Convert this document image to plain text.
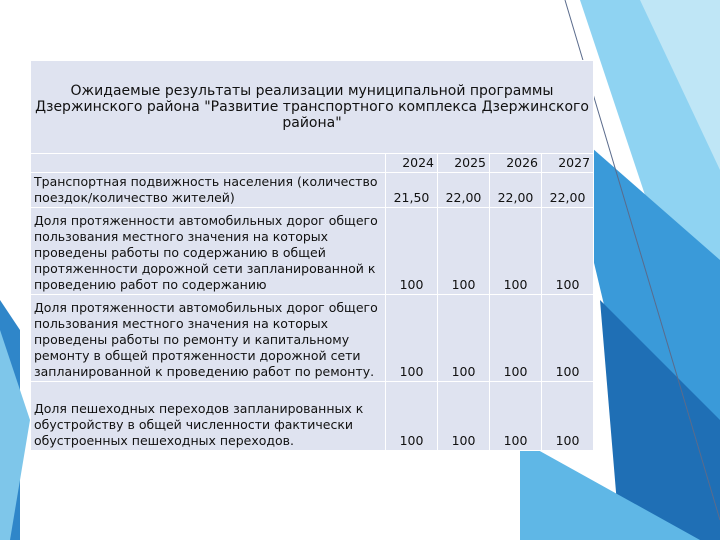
Ожидаемые результаты реализации муниципальной программы Дзержинского района "Развитие транспортного комплекса Дзержинского района"				
	2024	2025	2026	2027
Транспортная подвижность населения (количество поездок/количество жителей)	21,50	22,00	22,00	22,00
Доля протяженности автомобильных дорог общего пользования местного значения на которых проведены работы по содержанию в общей протяженности дорожной сети запланированной к проведению работ по содержанию	100	100	100	100
Доля протяженности автомобильных дорог общего пользования местного значения на которых проведены работы по ремонту и капитальному ремонту в общей протяженности дорожной сети запланированной к проведению работ по ремонту.	100	100	100	100
Доля пешеходных переходов запланированных к обустройству в общей численности фактически обустроенных пешеходных переходов.	100	100	100	100
